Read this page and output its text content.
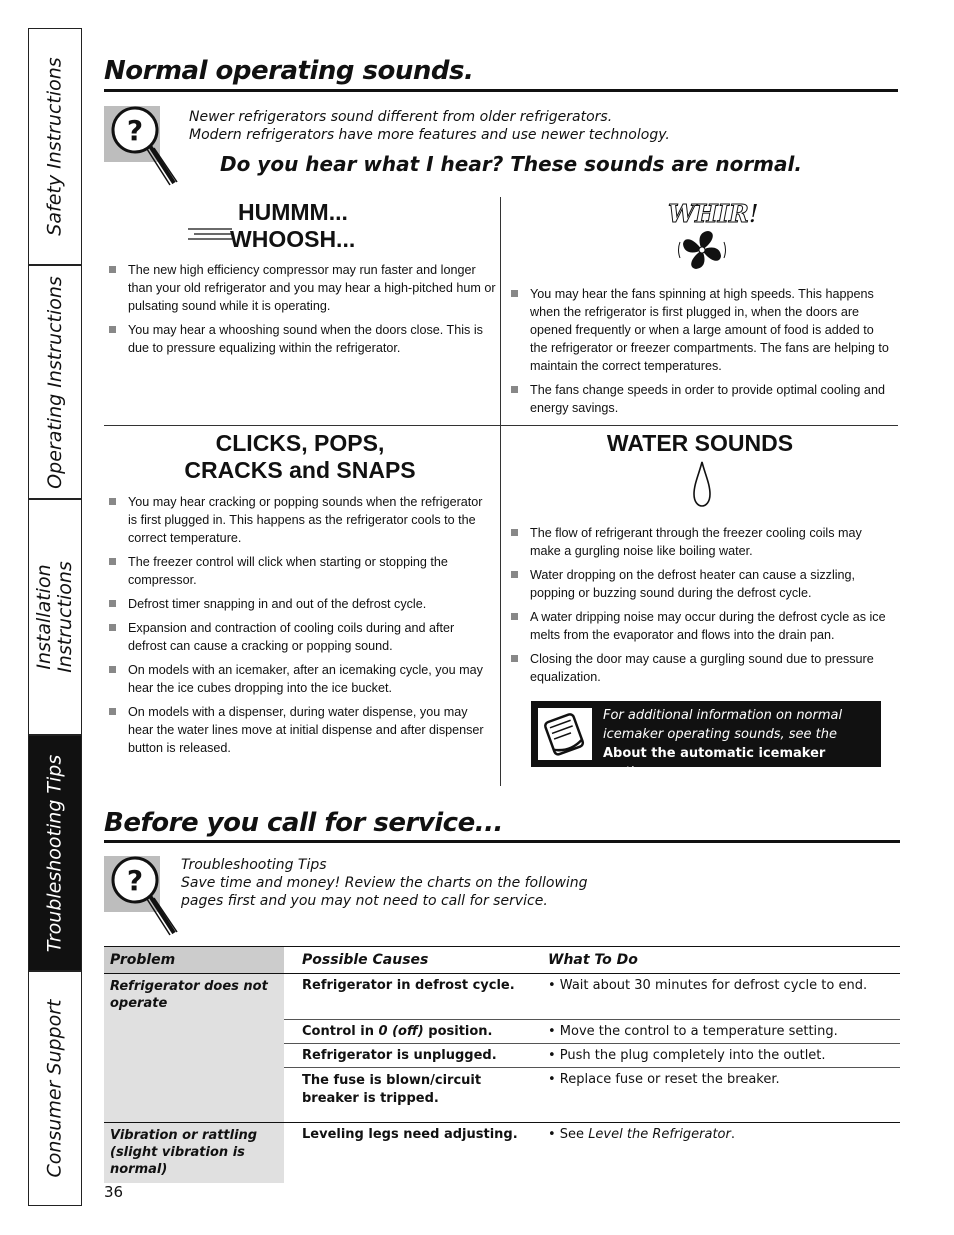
Safety Instructions
Operating Instructions
Installation Instructions
Troubleshooting Tips
Consumer Support
Normal operating sounds.
?	Newer refrigerators sound different from older refrigerators.
Modern refrigerators have more features and use newer technology.
Do you hear what I hear? These sounds are normal.
HUMMM...
WHOOSH...
The new high efficiency compressor may run faster and longer than your old refrigerator and you may hear a high-pitched hum or pulsating sound while it is operating.
You may hear a whooshing sound when the doors close. This is due to pressure equalizing within the refrigerator.
WHIR!
You may hear the fans spinning at high speeds. This happens when the refrigerator is first plugged in, when the doors are opened frequently or when a large amount of food is added to the refrigerator or freezer compartments. The fans are helping to maintain the correct temperatures.
The fans change speeds in order to provide optimal cooling and energy savings.
CLICKS, POPS,
CRACKS and SNAPS
You may hear cracking or popping sounds when the refrigerator is first plugged in. This happens as the refrigerator cools to the correct temperature.
The freezer control will click when starting or stopping the compressor.
Defrost timer snapping in and out of the defrost cycle.
Expansion and contraction of cooling coils during and after defrost can cause a cracking or popping sound.
On models with an icemaker, after an icemaking cycle, you may hear the ice cubes dropping into the ice bucket.
On models with a dispenser, during water dispense, you may hear the water lines move at initial dispense and after dispenser button is released.
WATER SOUNDS
The flow of refrigerant through the freezer cooling coils may make a gurgling noise like boiling water.
Water dropping on the defrost heater can cause a sizzling, popping or buzzing sound during the defrost cycle.
A water dripping noise may occur during the defrost cycle as ice melts from the evaporator and flows into the drain pan.
Closing the door may cause a gurgling sound due to pressure equalization.
For additional information on normal icemaker operating sounds, see the About the automatic icemaker section.
Before you call for service...
?	Troubleshooting Tips
Save time and money! Review the charts on the following
pages first and you may not need to call for service.
Problem	Possible Causes	What To Do
Refrigerator does not operate	Refrigerator in defrost cycle.	• Wait about 30 minutes for defrost cycle to end.
	Control in 0 (off) position.	• Move the control to a temperature setting.
	Refrigerator is unplugged.	• Push the plug completely into the outlet.
	The fuse is blown/circuit breaker is tripped.	• Replace fuse or reset the breaker.
Vibration or rattling (slight vibration is normal)	Leveling legs need adjusting.	• See Level the Refrigerator.
36
